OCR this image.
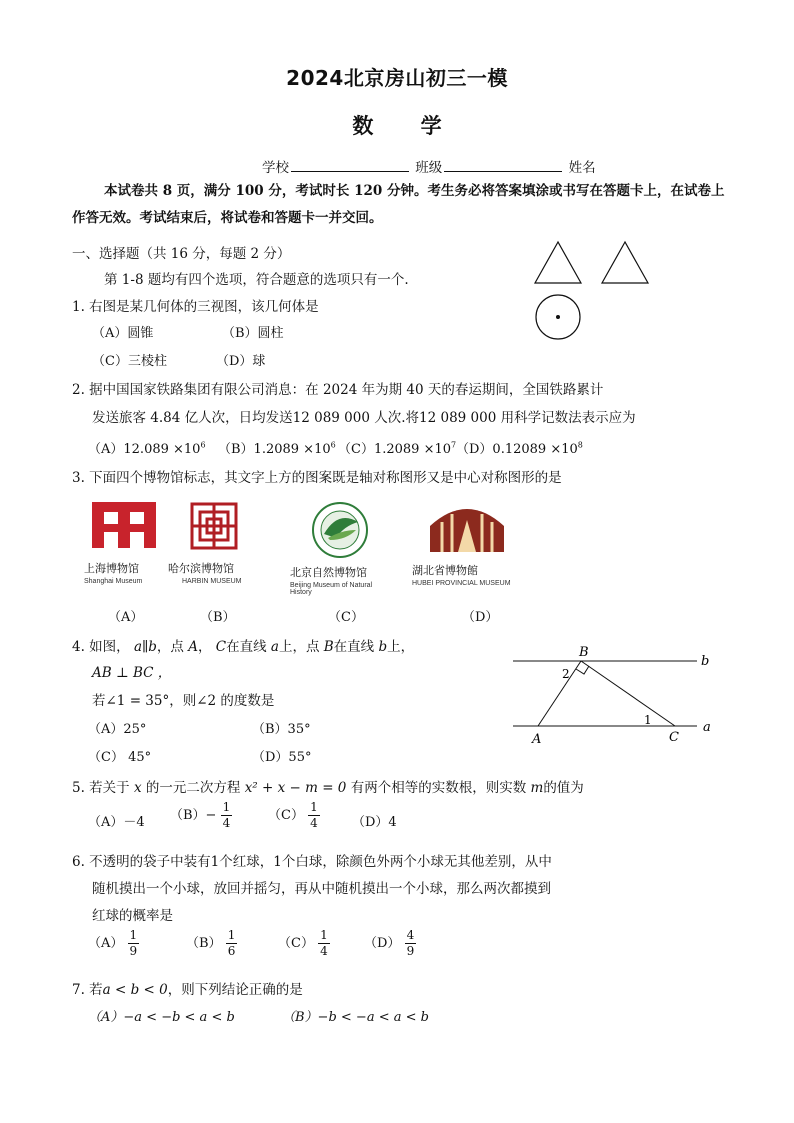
2024北京房山初三一模
数 学
学校	班级	姓名
本试卷共 8 页，满分 100 分，考试时长 120 分钟。考生务必将答案填涂或书写在答题卡上，在试卷上
作答无效。考试结束后，将试卷和答题卡一并交回。
一、选择题（共 16 分，每题 2 分）
第 1-8 题均有四个选项，符合题意的选项只有一个.
1. 右图是某几何体的三视图，该几何体是
（A）圆锥	（B）圆柱
（C）三棱柱	（D）球
2. 据中国国家铁路集团有限公司消息：在 2024 年为期 40 天的春运期间，全国铁路累计
发送旅客 4.84 亿人次，日均发送12 089 000 人次.将12 089 000 用科学记数法表示应为
$(A)12.089 \times 10^6$ $(B)1.2089 \times 10^6$ $(C)1.2089 \times 10^7$ $(D)0.12089 \times 10^8$
3. 下面四个博物馆标志，其文字上方的图案既是轴对称图形又是中心对称图形的是
上海博物馆
Shanghai Museum
哈尔滨博物馆
HARBIN MUSEUM
北京自然博物馆
Beijing Museum of Natural History
湖北省博物館
HUBEI PROVINCIAL MUSEUM
（A）	（B）	（C）	（D）
4. 如图， a∥b，点 A， C在直线 a上，点 B在直线 b上，
AB ⊥ BC ，
若∠1 = 35°，则∠2 的度数是
（A）25°	（B）35°
（C） 45°	（D）55°
B
b
2
1
A	C
a
5. 若关于 x 的一元二次方程 x² + x − m = 0 有两个相等的实数根，则实数 m的值为
（A）－4 $(B)- \frac{1}{4}$	$(C) \frac{1}{4} (D)4$
6. 不透明的袋子中装有1个红球，1个白球，除颜色外两个小球无其他差别，从中
随机摸出一个小球，放回并摇匀，再从中随机摸出一个小球，那么两次都摸到
红球的概率是
$(A) \frac{1}{9}$	$(B) \frac{1}{6}$	$(C) \frac{1}{4}$	$(D) \frac{4}{9}$
7. 若a < b < 0，则下列结论正确的是
（A）−a < −b < a < b	（B）−b < −a < a < b
